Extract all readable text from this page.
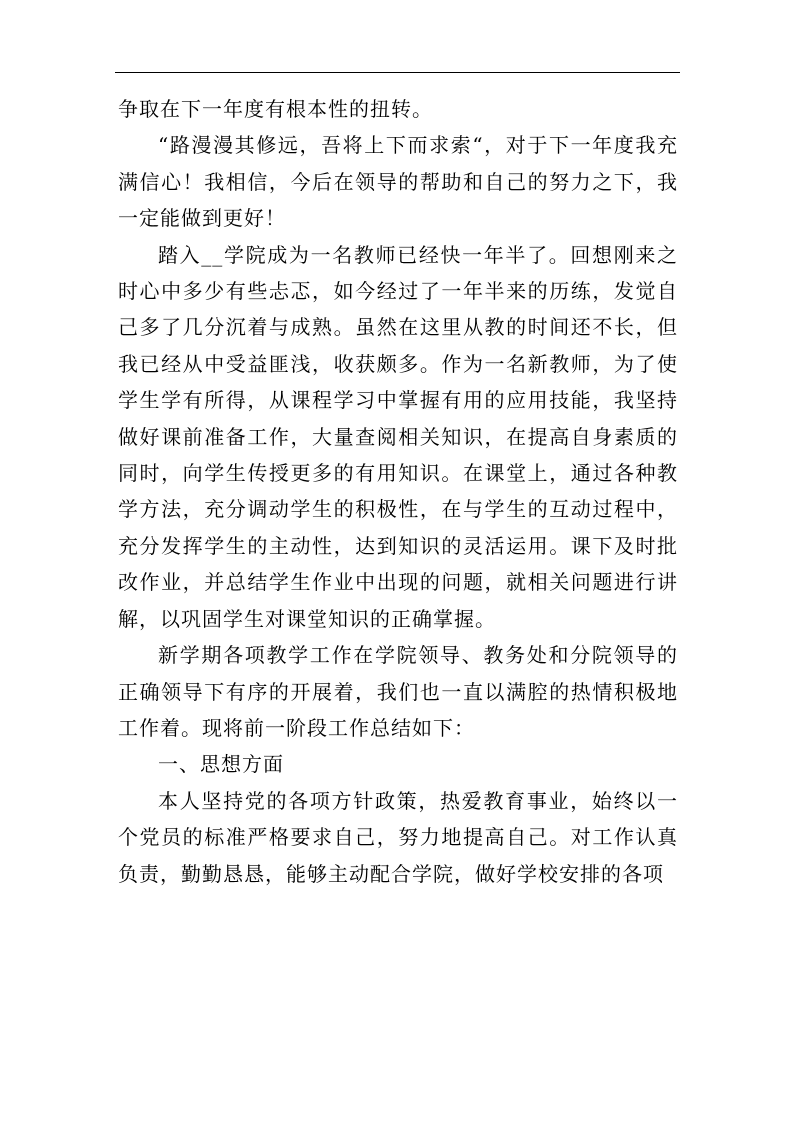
争取在下一年度有根本性的扭转。

“路漫漫其修远，吾将上下而求索“，对于下一年度我充满信心！我相信，今后在领导的帮助和自己的努力之下，我一定能做到更好！

踏入__学院成为一名教师已经快一年半了。回想刚来之时心中多少有些忐忑，如今经过了一年半来的历练，发觉自己多了几分沉着与成熟。虽然在这里从教的时间还不长，但我已经从中受益匪浅，收获颇多。作为一名新教师，为了使学生学有所得，从课程学习中掌握有用的应用技能，我坚持做好课前准备工作，大量查阅相关知识，在提高自身素质的同时，向学生传授更多的有用知识。在课堂上，通过各种教学方法，充分调动学生的积极性，在与学生的互动过程中，充分发挥学生的主动性，达到知识的灵活运用。课下及时批改作业，并总结学生作业中出现的问题，就相关问题进行讲解，以巩固学生对课堂知识的正确掌握。

新学期各项教学工作在学院领导、教务处和分院领导的正确领导下有序的开展着，我们也一直以满腔的热情积极地工作着。现将前一阶段工作总结如下：

一、思想方面

本人坚持党的各项方针政策，热爱教育事业，始终以一个党员的标准严格要求自己，努力地提高自己。对工作认真负责，勤勤恳恳，能够主动配合学院，做好学校安排的各项
